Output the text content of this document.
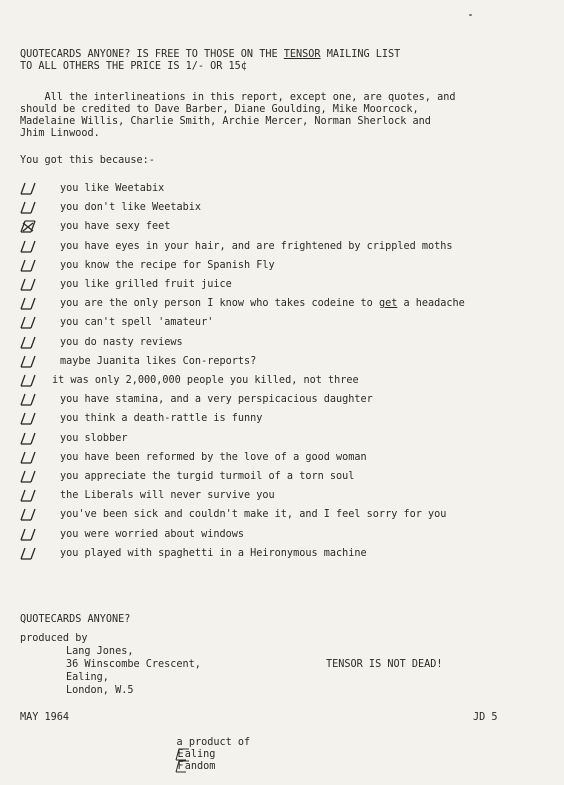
QUOTECARDS ANYONE? IS FREE TO THOSE ON THE TENSOR MAILING LIST
TO ALL OTHERS THE PRICE IS 1/- OR 15¢
All the interlineations in this report, except one, are quotes, and
should be credited to Dave Barber, Diane Goulding, Mike Moorcock,
Madelaine Willis, Charlie Smith, Archie Mercer, Norman Sherlock and
Jhim Linwood.
You got this because:-
you like Weetabix
you don't like Weetabix
you have sexy feet
you have eyes in your hair, and are frightened by crippled moths
you know the recipe for Spanish Fly
you like grilled fruit juice
you are the only person I know who takes codeine to get a headache
you can't spell 'amateur'
you do nasty reviews
maybe Juanita likes Con-reports?
it was only 2,000,000 people you killed, not three
you have stamina, and a very perspicacious daughter
you think a death-rattle is funny
you slobber
you have been reformed by the love of a good woman
you appreciate the turgid turmoil of a torn soul
the Liberals will never survive you
you've been sick and couldn't make it, and I feel sorry for you
you were worried about windows
you played with spaghetti in a Heironymous machine
QUOTECARDS ANYONE?
produced by
Lang Jones,
36 Winscombe Crescent,
Ealing,
London, W.5
TENSOR IS NOT DEAD!
MAY 1964

a product of

Ealing

Fandom

JD 5
